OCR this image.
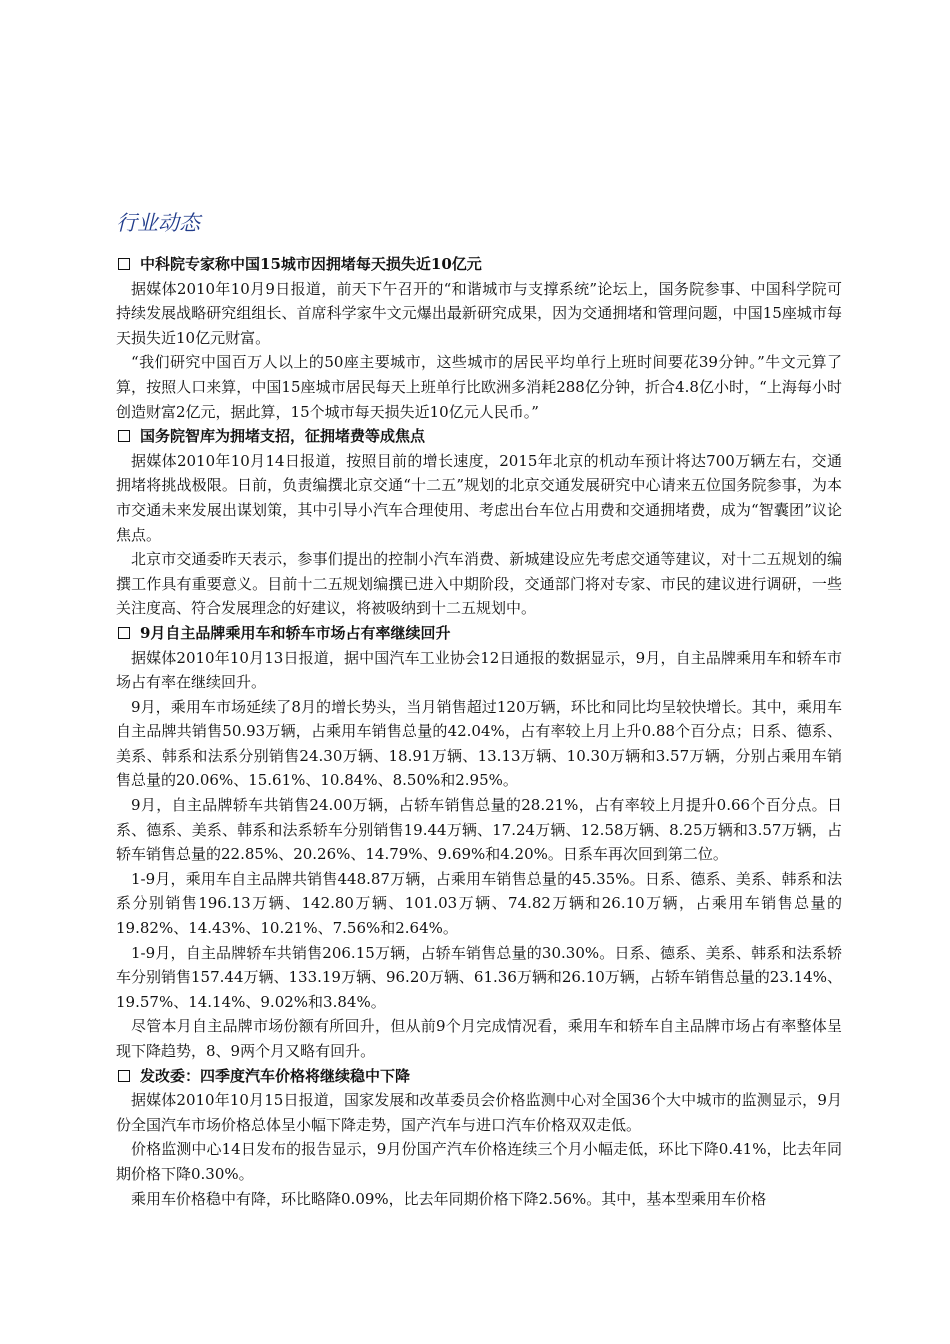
行业动态
中科院专家称中国15城市因拥堵每天损失近10亿元

据媒体2010年10月9日报道，前天下午召开的“和谐城市与支撑系统”论坛上，国务院参事、中国科学院可持续发展战略研究组组长、首席科学家牛文元爆出最新研究成果，因为交通拥堵和管理问题，中国15座城市每天损失近10亿元财富。

“我们研究中国百万人以上的50座主要城市，这些城市的居民平均单行上班时间要花39分钟。”牛文元算了算，按照人口来算，中国15座城市居民每天上班单行比欧洲多消耗288亿分钟，折合4.8亿小时，“上海每小时创造财富2亿元，据此算，15个城市每天损失近10亿元人民币。”

国务院智库为拥堵支招，征拥堵费等成焦点

据媒体2010年10月14日报道，按照目前的增长速度，2015年北京的机动车预计将达700万辆左右，交通拥堵将挑战极限。日前，负责编撰北京交通“十二五”规划的北京交通发展研究中心请来五位国务院参事，为本市交通未来发展出谋划策，其中引导小汽车合理使用、考虑出台车位占用费和交通拥堵费，成为“智囊团”议论焦点。

北京市交通委昨天表示，参事们提出的控制小汽车消费、新城建设应先考虑交通等建议，对十二五规划的编撰工作具有重要意义。目前十二五规划编撰已进入中期阶段，交通部门将对专家、市民的建议进行调研，一些关注度高、符合发展理念的好建议，将被吸纳到十二五规划中。

9月自主品牌乘用车和轿车市场占有率继续回升

据媒体2010年10月13日报道，据中国汽车工业协会12日通报的数据显示，9月，自主品牌乘用车和轿车市场占有率在继续回升。

9月，乘用车市场延续了8月的增长势头，当月销售超过120万辆，环比和同比均呈较快增长。其中，乘用车自主品牌共销售50.93万辆，占乘用车销售总量的42.04%，占有率较上月上升0.88个百分点；日系、德系、美系、韩系和法系分别销售24.30万辆、18.91万辆、13.13万辆、10.30万辆和3.57万辆，分别占乘用车销售总量的20.06%、15.61%、10.84%、8.50%和2.95%。

9月，自主品牌轿车共销售24.00万辆，占轿车销售总量的28.21%，占有率较上月提升0.66个百分点。日系、德系、美系、韩系和法系轿车分别销售19.44万辆、17.24万辆、12.58万辆、8.25万辆和3.57万辆，占轿车销售总量的22.85%、20.26%、14.79%、9.69%和4.20%。日系车再次回到第二位。

1-9月，乘用车自主品牌共销售448.87万辆，占乘用车销售总量的45.35%。日系、德系、美系、韩系和法系分别销售196.13万辆、142.80万辆、101.03万辆、74.82万辆和26.10万辆，占乘用车销售总量的19.82%、14.43%、10.21%、7.56%和2.64%。

1-9月，自主品牌轿车共销售206.15万辆，占轿车销售总量的30.30%。日系、德系、美系、韩系和法系轿车分别销售157.44万辆、133.19万辆、96.20万辆、61.36万辆和26.10万辆，占轿车销售总量的23.14%、19.57%、14.14%、9.02%和3.84%。

尽管本月自主品牌市场份额有所回升，但从前9个月完成情况看，乘用车和轿车自主品牌市场占有率整体呈现下降趋势，8、9两个月又略有回升。

发改委：四季度汽车价格将继续稳中下降

据媒体2010年10月15日报道，国家发展和改革委员会价格监测中心对全国36个大中城市的监测显示，9月份全国汽车市场价格总体呈小幅下降走势，国产汽车与进口汽车价格双双走低。

价格监测中心14日发布的报告显示，9月份国产汽车价格连续三个月小幅走低，环比下降0.41%，比去年同期价格下降0.30%。

乘用车价格稳中有降，环比略降0.09%，比去年同期价格下降2.56%。其中，基本型乘用车价格
